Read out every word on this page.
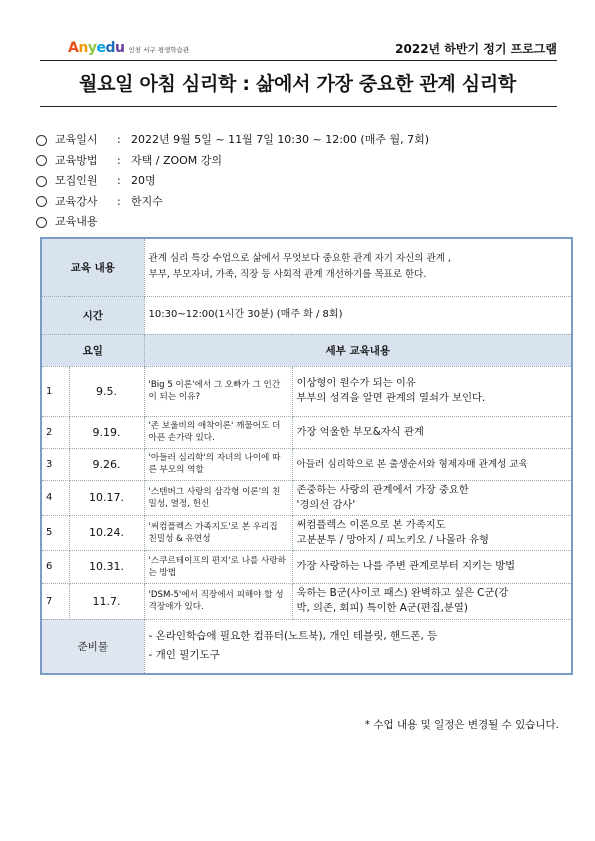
Anyedu 인천 서구 평생학습관	2022년 하반기 정기 프로그램
월요일 아침 심리학 : 삶에서 가장 중요한 관계 심리학
교육일시	: 2022년 9월 5일 ~ 11월 7일 10:30 ~ 12:00 (매주 월, 7회)
교육방법	: 자택 / ZOOM 강의
모집인원	: 20명
교육강사	: 한지수
교육내용
교육 내용		관계 심리 특강 수업으로 삶에서 무엇보다 중요한 관계 자기 자신의 관계 ,
부부, 부모자녀, 가족, 직장 등 사회적 관계 개선하기를 목표로 한다.	

시간		10:30~12:00(1시간 30분) (매주 화 / 8회)	
요일		세부 교육내용	
1	9.5.	'Big 5 이론'에서 그 오빠가 그 인간이 되는 이유?	이상형이 원수가 되는 이유
부부의 성격을 알면 관계의 열쇠가 보인다.

2	9.19.	'존 보울비의 애착이론' 깨물어도 더 아픈 손가락 있다.	가장 억울한 부모&자식 관계

3	9.26.	'아들러 심리학'의 자녀의 나이에 따른 부모의 역할	아들러 심리학으로 본 출생순서와 형제자매 관계성 교육

4	10.17.	'스텐버그 사랑의 삼각형 이론'의 친밀성, 열정, 헌신	존중하는 사랑의 관계에서 가장 중요한
'경의선 감사'

5	10.24.	'써컴플렉스 가족지도'로 본 우리집 친밀성 & 유연성	써컴플렉스 이론으로 본 가족지도
고분분투 / 망아지 / 피노키오 / 나몰라 유형

6	10.31.	'스쿠르테이프의 편지'로 나를 사랑하는 방법	가장 사랑하는 나를 주변 관계로부터 지키는 방법

7	11.7.	'DSM-5'에서 직장에서 피해야 할 성격장애가 있다.	욱하는 B군(사이코 패스) 완벽하고 싶은 C군(강
박, 의존, 회피) 특이한 A군(편집,분열)

준비물		- 온라인학습에 필요한 컴퓨터(노트북), 개인 테블릿, 핸드폰, 등
- 개인 필기도구	
* 수업 내용 및 일정은 변경될 수 있습니다.
